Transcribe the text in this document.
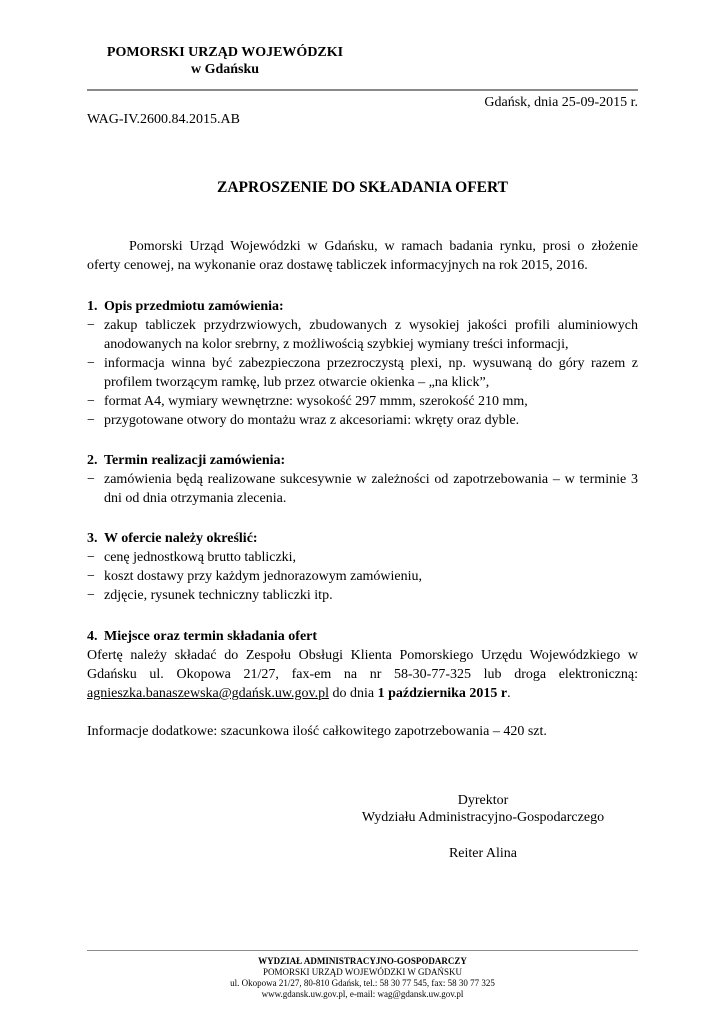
POMORSKI URZĄD WOJEWÓDZKI
w Gdańsku
Gdańsk, dnia 25-09-2015 r.
WAG-IV.2600.84.2015.AB
ZAPROSZENIE DO SKŁADANIA OFERT
Pomorski Urząd Wojewódzki w Gdańsku, w ramach badania rynku, prosi o złożenie oferty cenowej, na wykonanie oraz dostawę tabliczek informacyjnych na rok 2015, 2016.
1. Opis przedmiotu zamówienia:
− zakup tabliczek przydrzwiowych, zbudowanych z wysokiej jakości profili aluminiowych anodowanych na kolor srebrny, z możliwością szybkiej wymiany treści informacji,
− informacja winna być zabezpieczona przezroczystą plexi, np. wysuwaną do góry razem z profilem tworzącym ramkę, lub przez otwarcie okienka – „na klick”,
− format A4, wymiary wewnętrzne: wysokość 297 mmm, szerokość 210 mm,
− przygotowane otwory do montażu wraz z akcesoriami: wkręty oraz dyble.
2. Termin realizacji zamówienia:
− zamówienia będą realizowane sukcesywnie w zależności od zapotrzebowania – w terminie 3 dni od dnia otrzymania zlecenia.
3. W ofercie należy określić:
− cenę jednostkową brutto tabliczki,
− koszt dostawy przy każdym jednorazowym zamówieniu,
− zdjęcie, rysunek techniczny tabliczki itp.
4. Miejsce oraz termin składania ofert
Ofertę należy składać do Zespołu Obsługi Klienta Pomorskiego Urzędu Wojewódzkiego w Gdańsku ul. Okopowa 21/27, fax-em na nr 58-30-77-325 lub droga elektroniczną: agnieszka.banaszewska@gdańsk.uw.gov.pl do dnia 1 października 2015 r.
Informacje dodatkowe: szacunkowa ilość całkowitego zapotrzebowania – 420 szt.
Dyrektor
Wydziału Administracyjno-Gospodarczego
Reiter Alina
WYDZIAŁ ADMINISTRACYJNO-GOSPODARCZY
POMORSKI URZĄD WOJEWÓDZKI W GDAŃSKU
ul. Okopowa 21/27, 80-810 Gdańsk, tel.: 58 30 77 545, fax: 58 30 77 325
www.gdansk.uw.gov.pl, e-mail: wag@gdansk.uw.gov.pl
